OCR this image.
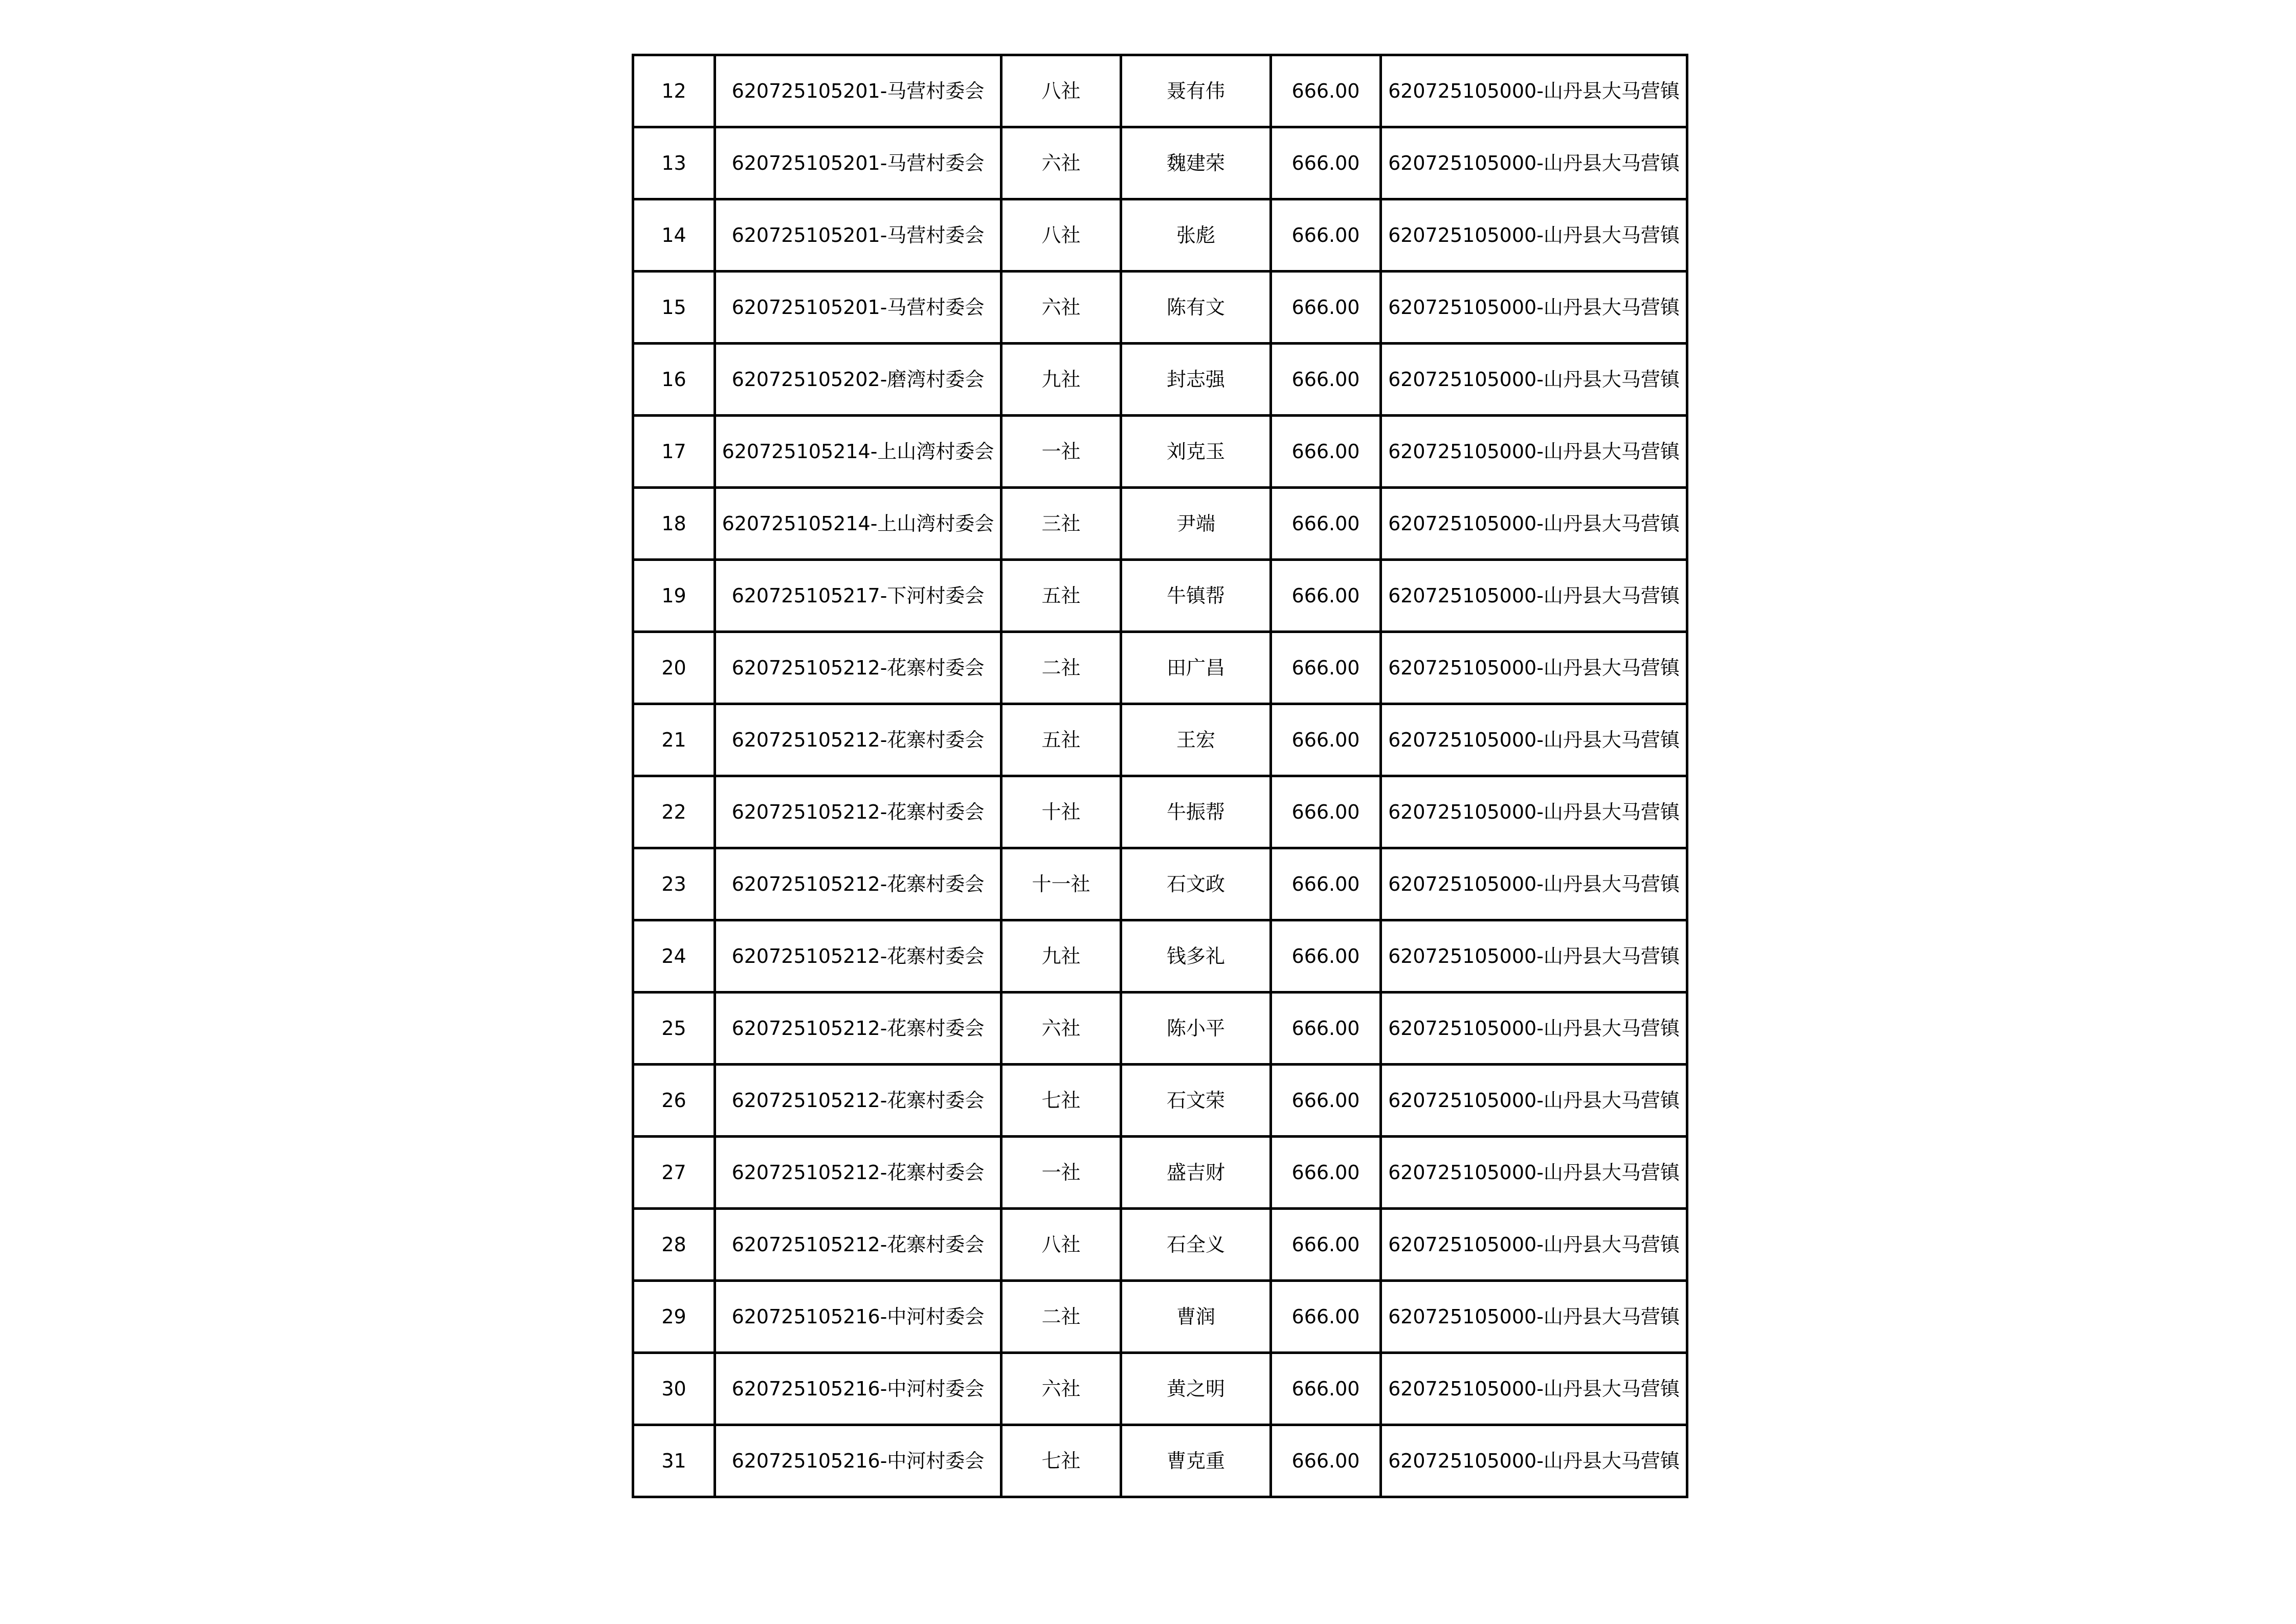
12	620725105201-马营村委会	八社	聂有伟	666.00	620725105000-山丹县大马营镇
13	620725105201-马营村委会	六社	魏建荣	666.00	620725105000-山丹县大马营镇
14	620725105201-马营村委会	八社	张彪	666.00	620725105000-山丹县大马营镇
15	620725105201-马营村委会	六社	陈有文	666.00	620725105000-山丹县大马营镇
16	620725105202-磨湾村委会	九社	封志强	666.00	620725105000-山丹县大马营镇
17	620725105214-上山湾村委会	一社	刘克玉	666.00	620725105000-山丹县大马营镇
18	620725105214-上山湾村委会	三社	尹端	666.00	620725105000-山丹县大马营镇
19	620725105217-下河村委会	五社	牛镇帮	666.00	620725105000-山丹县大马营镇
20	620725105212-花寨村委会	二社	田广昌	666.00	620725105000-山丹县大马营镇
21	620725105212-花寨村委会	五社	王宏	666.00	620725105000-山丹县大马营镇
22	620725105212-花寨村委会	十社	牛振帮	666.00	620725105000-山丹县大马营镇
23	620725105212-花寨村委会	十一社	石文政	666.00	620725105000-山丹县大马营镇
24	620725105212-花寨村委会	九社	钱多礼	666.00	620725105000-山丹县大马营镇
25	620725105212-花寨村委会	六社	陈小平	666.00	620725105000-山丹县大马营镇
26	620725105212-花寨村委会	七社	石文荣	666.00	620725105000-山丹县大马营镇
27	620725105212-花寨村委会	一社	盛吉财	666.00	620725105000-山丹县大马营镇
28	620725105212-花寨村委会	八社	石全义	666.00	620725105000-山丹县大马营镇
29	620725105216-中河村委会	二社	曹润	666.00	620725105000-山丹县大马营镇
30	620725105216-中河村委会	六社	黄之明	666.00	620725105000-山丹县大马营镇
31	620725105216-中河村委会	七社	曹克重	666.00	620725105000-山丹县大马营镇
